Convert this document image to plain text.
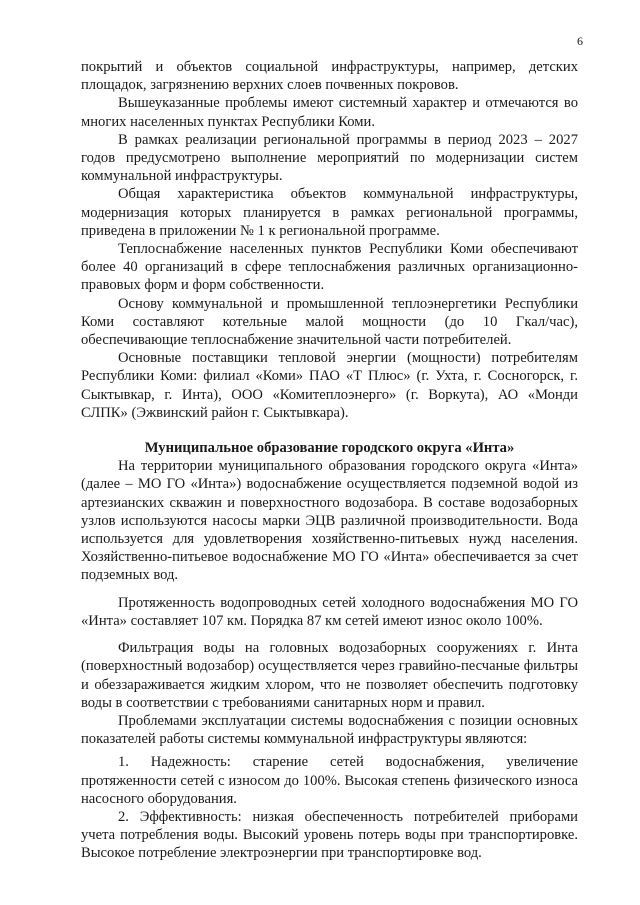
6

покрытий и объектов социальной инфраструктуры, например, детских площадок, загрязнению верхних слоев почвенных покровов.

Вышеуказанные проблемы имеют системный характер и отмечаются во многих населенных пунктах Республики Коми.

В рамках реализации региональной программы в период 2023 – 2027 годов предусмотрено выполнение мероприятий по модернизации систем коммунальной инфраструктуры.

Общая характеристика объектов коммунальной инфраструктуры, модернизация которых планируется в рамках региональной программы, приведена в приложении № 1 к региональной программе.

Теплоснабжение населенных пунктов Республики Коми обеспечивают более 40 организаций в сфере теплоснабжения различных организационно-правовых форм и форм собственности.

Основу коммунальной и промышленной теплоэнергетики Республики Коми составляют котельные малой мощности (до 10 Гкал/час), обеспечивающие теплоснабжение значительной части потребителей.

Основные поставщики тепловой энергии (мощности) потребителям Республики Коми: филиал «Коми» ПАО «Т Плюс» (г. Ухта, г. Сосногорск, г. Сыктывкар, г. Инта), ООО «Комитеплоэнерго» (г. Воркута), АО «Монди СЛПК» (Эжвинский район г. Сыктывкара).

Муниципальное образование городского округа «Инта»

На территории муниципального образования городского округа «Инта» (далее – МО ГО «Инта») водоснабжение осуществляется подземной водой из артезианских скважин и поверхностного водозабора. В составе водозаборных узлов используются насосы марки ЭЦВ различной производительности. Вода используется для удовлетворения хозяйственно-питьевых нужд населения. Хозяйственно-питьевое водоснабжение МО ГО «Инта» обеспечивается за счет подземных вод.

Протяженность водопроводных сетей холодного водоснабжения МО ГО «Инта» составляет 107 км. Порядка 87 км сетей имеют износ около 100%.

Фильтрация воды на головных водозаборных сооружениях г. Инта (поверхностный водозабор) осуществляется через гравийно-песчаные фильтры и обеззараживается жидким хлором, что не позволяет обеспечить подготовку воды в соответствии с требованиями санитарных норм и правил.

Проблемами эксплуатации системы водоснабжения с позиции основных показателей работы системы коммунальной инфраструктуры являются:

1. Надежность: старение сетей водоснабжения, увеличение протяженности сетей с износом до 100%. Высокая степень физического износа насосного оборудования.

2. Эффективность: низкая обеспеченность потребителей приборами учета потребления воды. Высокий уровень потерь воды при транспортировке. Высокое потребление электроэнергии при транспортировке вод.
